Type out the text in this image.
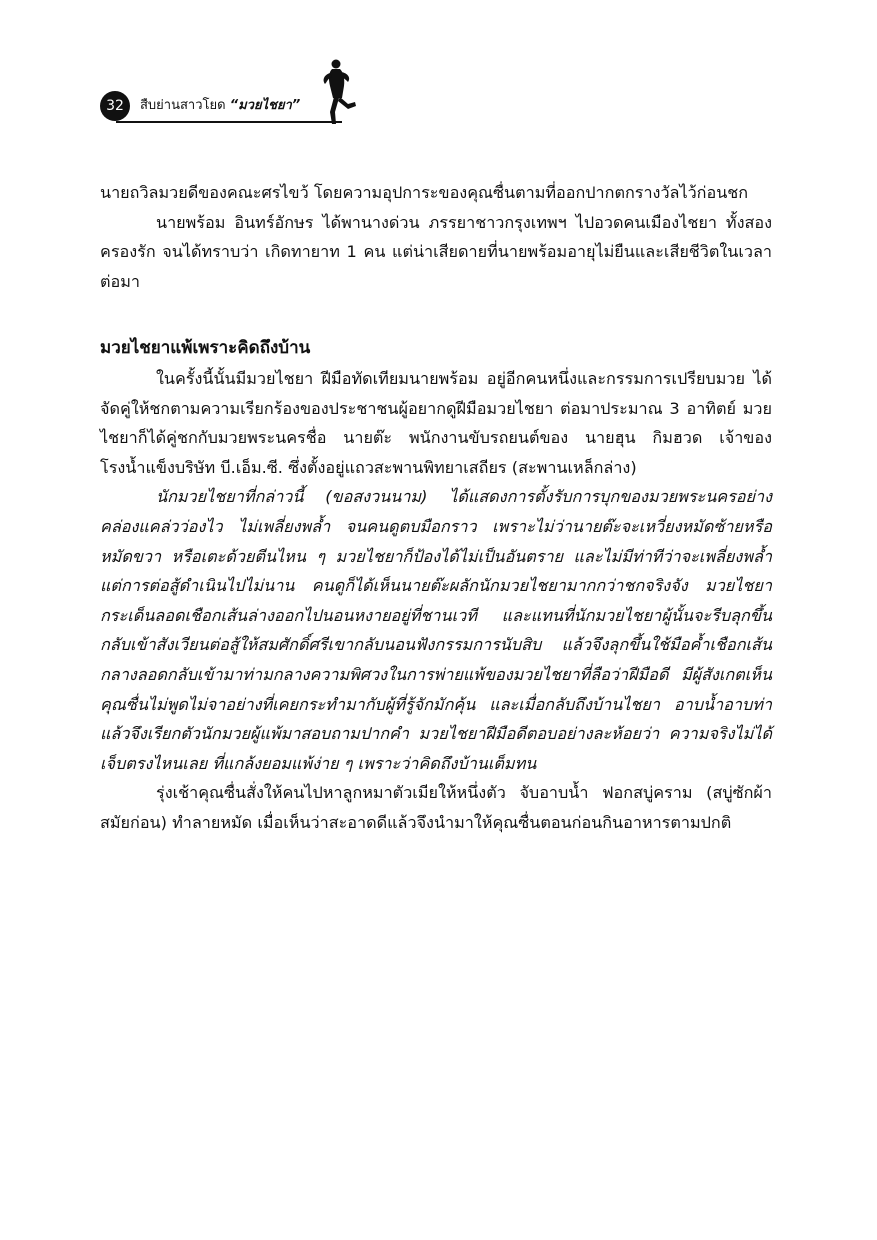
32	สืบย่านสาวโยด “มวยไชยา”

นายถวิลมวยดีของคณะศรไขว้ โดยความอุปการะของคุณซื่นตามที่ออกปากตกรางวัลไว้ก่อนชก

นายพร้อม อินทร์อักษร ได้พานางด่วน ภรรยาชาวกรุงเทพฯ ไปอวดคนเมืองไชยา ทั้งสองครองรัก จนได้ทราบว่า เกิดทายาท 1 คน แต่น่าเสียดายที่นายพร้อมอายุไม่ยืนและเสียชีวิตในเวลาต่อมา

มวยไชยาแพ้เพราะคิดถึงบ้าน

ในครั้งนี้นั้นมีมวยไชยา ฝีมือทัดเทียมนายพร้อม อยู่อีกคนหนึ่งและกรรมการเปรียบมวย ได้จัดคู่ให้ชกตามความเรียกร้องของประชาชนผู้อยากดูฝีมือมวยไชยา ต่อมาประมาณ 3 อาทิตย์ มวยไชยาก็ได้คู่ชกกับมวยพระนครชื่อ นายต๊ะ พนักงานขับรถยนต์ของ นายฮุน กิมฮวด เจ้าของโรงน้ำแข็งบริษัท บี.เอ็ม.ซี. ซึ่งตั้งอยู่แถวสะพานพิทยาเสถียร (สะพานเหล็กล่าง)

นักมวยไชยาที่กล่าวนี้ (ขอสงวนนาม) ได้แสดงการตั้งรับการบุกของมวยพระนครอย่างคล่องแคล่วว่องไว ไม่เพลี่ยงพล้ำ จนคนดูตบมือกราว เพราะไม่ว่านายต๊ะจะเหวี่ยงหมัดซ้ายหรือหมัดขวา หรือเตะด้วยตีนไหน ๆ มวยไชยาก็ป้องได้ไม่เป็นอันตราย และไม่มีท่าทีว่าจะเพลี่ยงพล้ำ แต่การต่อสู้ดำเนินไปไม่นาน คนดูก็ได้เห็นนายต๊ะผลักนักมวยไชยามากกว่าชกจริงจัง มวยไชยากระเด็นลอดเชือกเส้นล่างออกไปนอนหงายอยู่ที่ชานเวที และแทนที่นักมวยไชยาผู้นั้นจะรีบลุกขึ้นกลับเข้าสังเวียนต่อสู้ให้สมศักดิ์ศรีเขากลับนอนฟังกรรมการนับสิบ แล้วจึงลุกขึ้นใช้มือค้ำเชือกเส้นกลางลอดกลับเข้ามาท่ามกลางความพิศวงในการพ่ายแพ้ของมวยไชยาที่ลือว่าฝีมือดี มีผู้สังเกตเห็นคุณซื่นไม่พูดไม่จาอย่างที่เคยกระทำมากับผู้ที่รู้จักมักคุ้น และเมื่อกลับถึงบ้านไชยา อาบน้ำอาบท่าแล้วจึงเรียกตัวนักมวยผู้แพ้มาสอบถามปากคำ มวยไชยาฝีมือดีตอบอย่างละห้อยว่า ความจริงไม่ได้เจ็บตรงไหนเลย ที่แกล้งยอมแพ้ง่าย ๆ เพราะว่าคิดถึงบ้านเต็มทน

รุ่งเช้าคุณซื่นสั่งให้คนไปหาลูกหมาตัวเมียให้หนึ่งตัว จับอาบน้ำ ฟอกสบู่คราม (สบู่ซักผ้าสมัยก่อน) ทำลายหมัด เมื่อเห็นว่าสะอาดดีแล้วจึงนำมาให้คุณซื่นตอนก่อนกินอาหารตามปกติ
